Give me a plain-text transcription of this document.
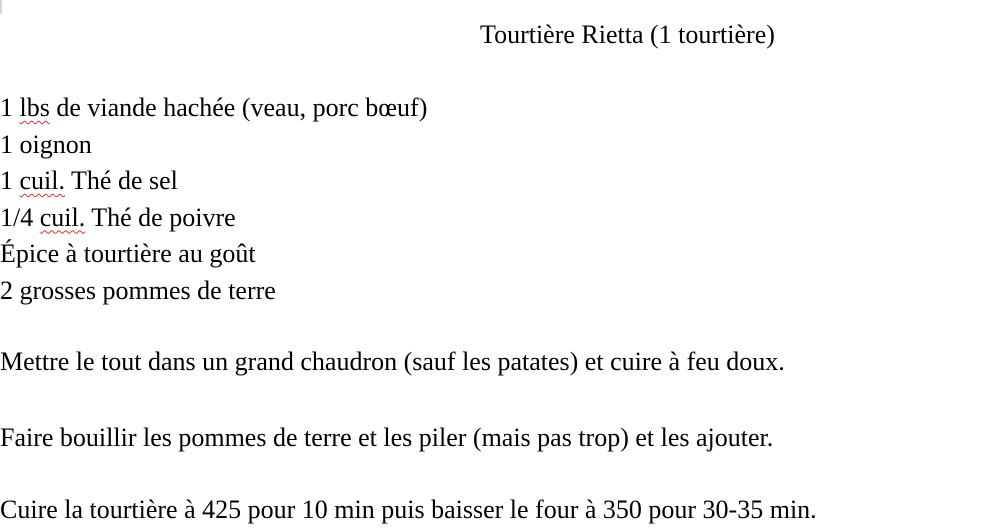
Tourtière Rietta (1 tourtière)
1 lbs de viande hachée (veau, porc bœuf)
1 oignon
1 cuil. Thé de sel
1/4 cuil. Thé de poivre
Épice à tourtière au goût
2 grosses pommes de terre

Mettre le tout dans un grand chaudron (sauf les patates) et cuire à feu doux.

Faire bouillir les pommes de terre et les piler (mais pas trop) et les ajouter.

Cuire la tourtière à 425 pour 10 min puis baisser le four à 350 pour 30-35 min.
